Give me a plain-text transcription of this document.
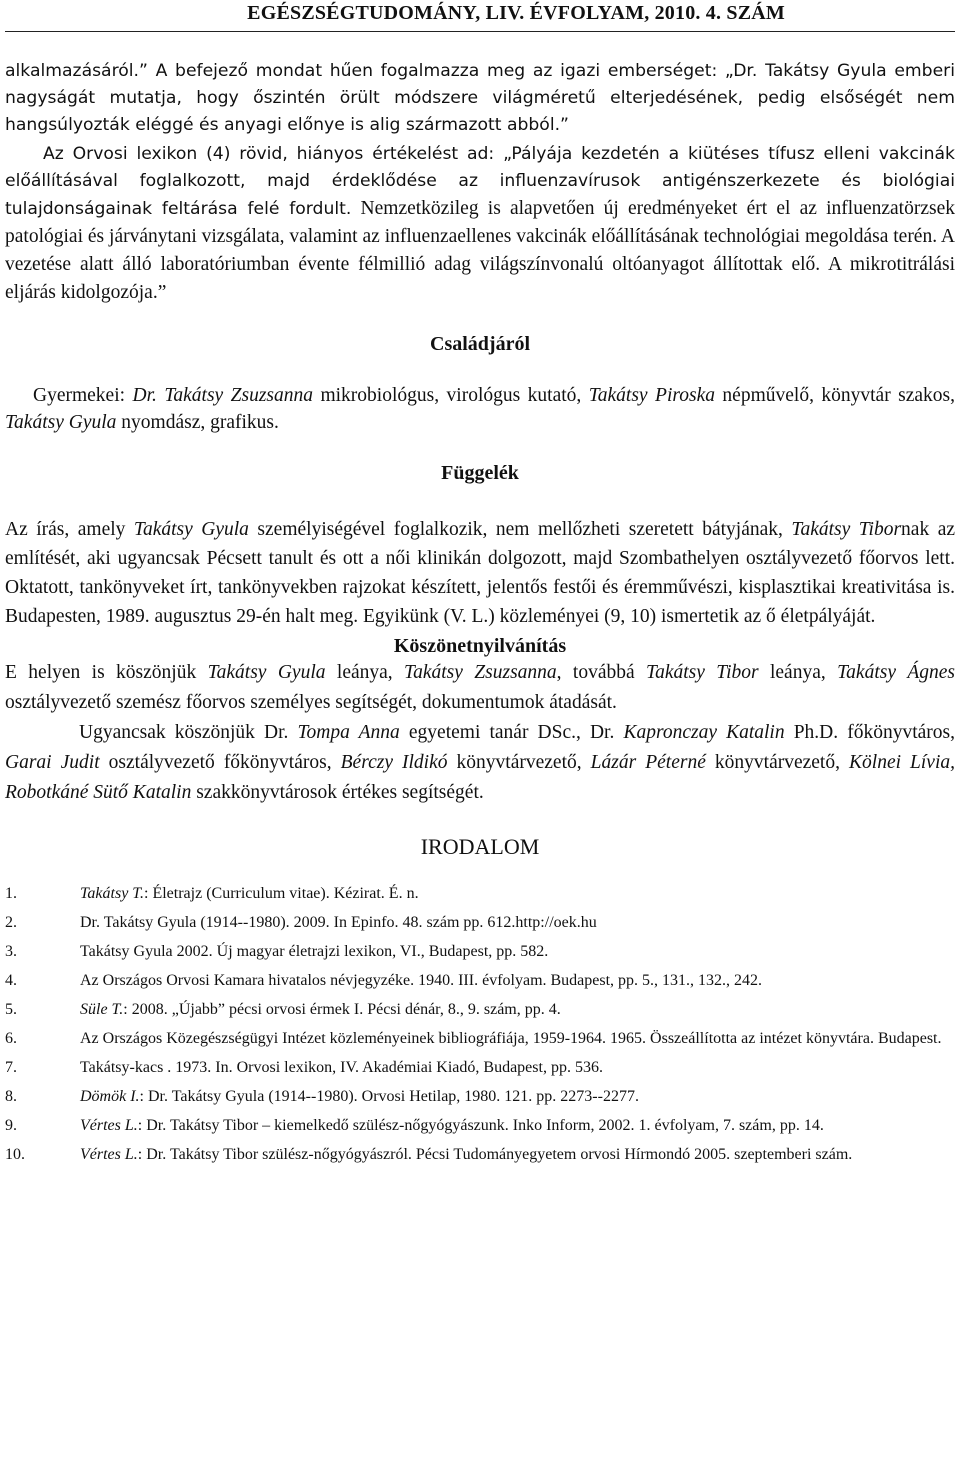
EGÉSZSÉGTUDOMÁNY, LIV. ÉVFOLYAM, 2010. 4. SZÁM

alkalmazásáról.” A befejező mondat hűen fogalmazza meg az igazi emberséget: „Dr. Takátsy Gyula emberi nagyságát mutatja, hogy őszintén örült módszere világméretű elterjedésének, pedig elsőségét nem hangsúlyozták eléggé és anyagi előnye is alig származott abból.”

Az Orvosi lexikon (4) rövid, hiányos értékelést ad: „Pályája kezdetén a kiütéses tífusz elleni vakcinák előállításával foglalkozott, majd érdeklődése az influenzavírusok antigénszerkezete és biológiai tulajdonságainak feltárása felé fordult. Nemzetközileg is alapvetően új eredményeket ért el az influenzatörzsek patológiai és járványtani vizsgálata, valamint az influenzaellenes vakcinák előállításának technológiai megoldása terén. A vezetése alatt álló laboratóriumban évente félmillió adag világszínvonalú oltóanyagot állítottak elő. A mikrotitrálási eljárás kidolgozója.”

Családjáról

Gyermekei: Dr. Takátsy Zsuzsanna mikrobiológus, virológus kutató, Takátsy Piroska népművelő, könyvtár szakos, Takátsy Gyula nyomdász, grafikus.

Függelék

Az írás, amely Takátsy Gyula személyiségével foglalkozik, nem mellőzheti szeretett bátyjának, Takátsy Tibornak az említését, aki ugyancsak Pécsett tanult és ott a női klinikán dolgozott, majd Szombathelyen osztályvezető főorvos lett. Oktatott, tankönyveket írt, tankönyvekben rajzokat készített, jelentős festői és éremművészi, kisplasztikai kreativitása is. Budapesten, 1989. augusztus 29-én halt meg. Egyikünk (V. L.) közleményei (9, 10) ismertetik az ő életpályáját.

Köszönetnyilvánítás

E helyen is köszönjük Takátsy Gyula leánya, Takátsy Zsuzsanna, továbbá Takátsy Tibor leánya, Takátsy Ágnes osztályvezető szemész főorvos személyes segítségét, dokumentumok átadását.

Ugyancsak köszönjük Dr. Tompa Anna egyetemi tanár DSc., Dr. Kapronczay Katalin Ph.D. főkönyvtáros, Garai Judit osztályvezető főkönyvtáros, Bérczy Ildikó könyvtárvezető, Lázár Péterné könyvtárvezető, Kölnei Lívia, Robotkáné Sütő Katalin szakkönyvtárosok értékes segítségét.

IRODALOM

1.	Takátsy T.: Életrajz (Curriculum vitae). Kézirat. É. n.
2.	Dr. Takátsy Gyula (1914--1980). 2009. In Epinfo. 48. szám pp. 612.http://oek.hu
3.	Takátsy Gyula 2002. Új magyar életrajzi lexikon, VI., Budapest, pp. 582.
4.	Az Országos Orvosi Kamara hivatalos névjegyzéke. 1940. III. évfolyam. Budapest, pp. 5., 131., 132., 242.
5.	Süle T.: 2008. „Újabb” pécsi orvosi érmek I. Pécsi dénár, 8., 9. szám, pp. 4.
6.	Az Országos Közegészségügyi Intézet közleményeinek bibliográfiája, 1959-1964. 1965. Összeállította az intézet könyvtára. Budapest.
7.	Takátsy-kacs . 1973. In. Orvosi lexikon, IV. Akadémiai Kiadó, Budapest, pp. 536.
8.	Dömök I.: Dr. Takátsy Gyula (1914--1980). Orvosi Hetilap, 1980. 121. pp. 2273--2277.
9.	Vértes L.: Dr. Takátsy Tibor – kiemelkedő szülész-nőgyógyászunk. Inko Inform, 2002. 1. évfolyam, 7. szám, pp. 14.
10.	Vértes L.: Dr. Takátsy Tibor szülész-nőgyógyászról. Pécsi Tudományegyetem orvosi Hírmondó 2005. szeptemberi szám.
